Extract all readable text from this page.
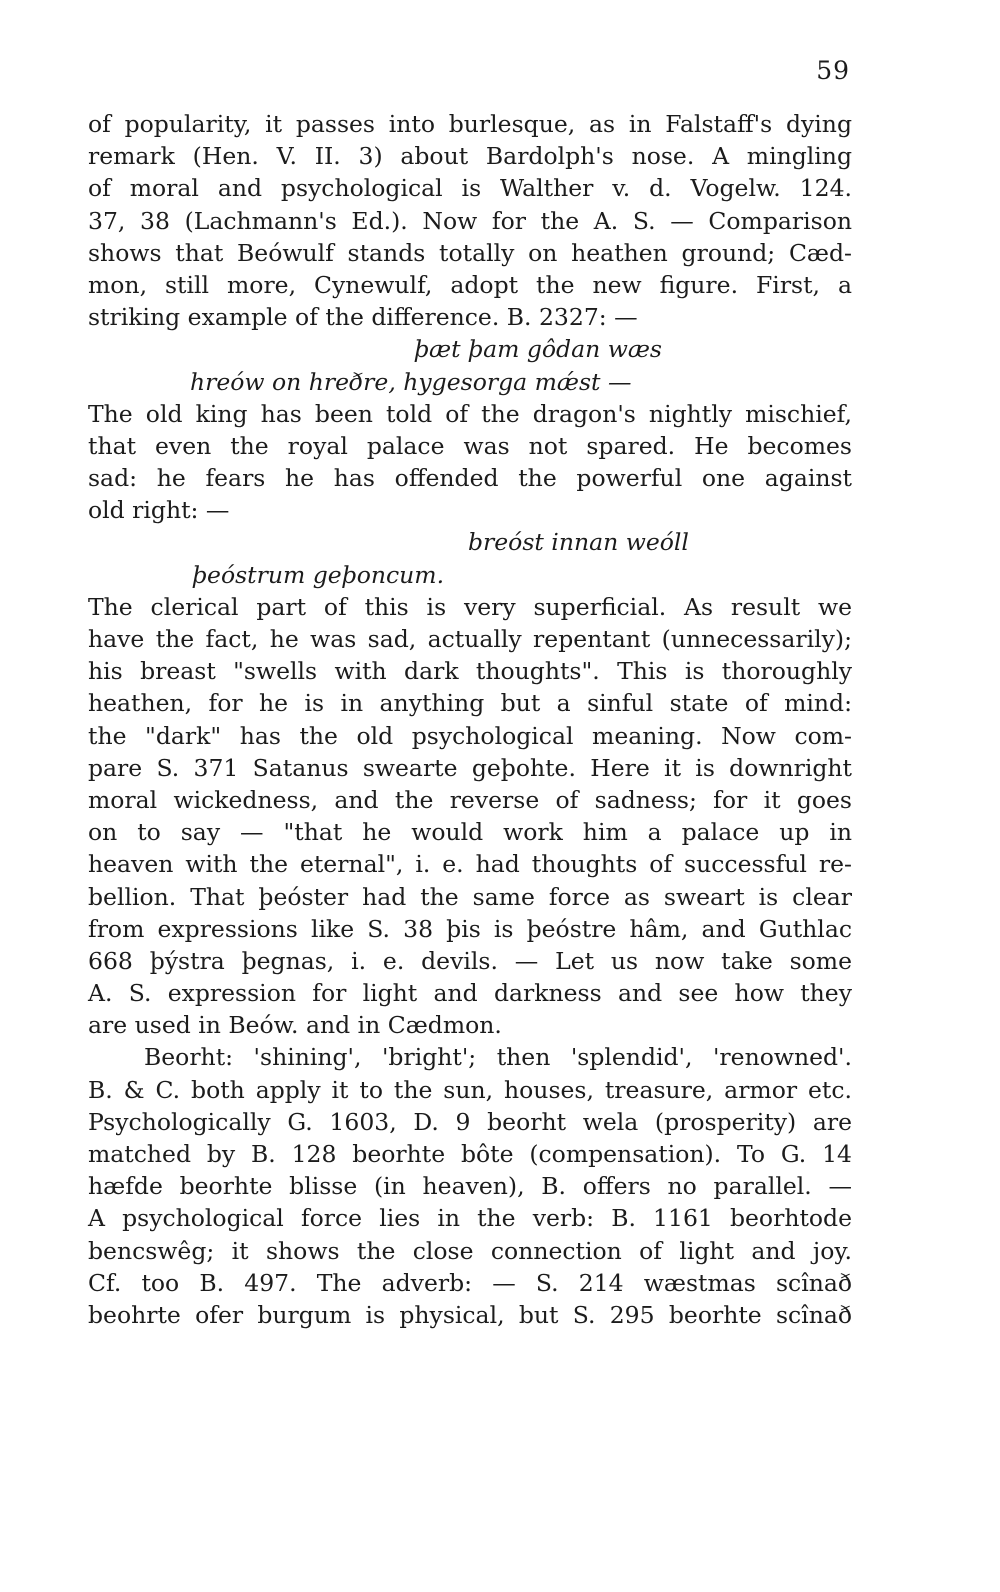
59
of popularity, it passes into burlesque, as in Falstaff's dying
remark (Hen. V. II. 3) about Bardolph's nose. A mingling
of moral and psychological is Walther v. d. Vogelw. 124.
37, 38 (Lachmann's Ed.). Now for the A. S. — Comparison
shows that Beówulf stands totally on heathen ground; Cæd-
mon, still more, Cynewulf, adopt the new figure. First, a
striking example of the difference. B. 2327: —
þæt þam gôdan wæs
hreów on hreðre, hygesorga mǽst —
The old king has been told of the dragon's nightly mischief,
that even the royal palace was not spared. He becomes
sad: he fears he has offended the powerful one against
old right: —
breóst innan weóll
þeóstrum geþoncum.
The clerical part of this is very superficial. As result we
have the fact, he was sad, actually repentant (unnecessarily);
his breast "swells with dark thoughts". This is thoroughly
heathen, for he is in anything but a sinful state of mind:
the "dark" has the old psychological meaning. Now com-
pare S. 371 Satanus swearte geþohte. Here it is downright
moral wickedness, and the reverse of sadness; for it goes
on to say — "that he would work him a palace up in
heaven with the eternal", i. e. had thoughts of successful re-
bellion. That þeóster had the same force as sweart is clear
from expressions like S. 38 þis is þeóstre hâm, and Guthlac
668 þýstra þegnas, i. e. devils. — Let us now take some
A. S. expression for light and darkness and see how they
are used in Beów. and in Cædmon.
Beorht: 'shining', 'bright'; then 'splendid', 'renowned'.
B. & C. both apply it to the sun, houses, treasure, armor etc.
Psychologically G. 1603, D. 9 beorht wela (prosperity) are
matched by B. 128 beorhte bôte (compensation). To G. 14
hæfde beorhte blisse (in heaven), B. offers no parallel. —
A psychological force lies in the verb: B. 1161 beorhtode
bencswêg; it shows the close connection of light and joy.
Cf. too B. 497. The adverb: — S. 214 wæstmas scînað
beohrte ofer burgum is physical, but S. 295 beorhte scînað
